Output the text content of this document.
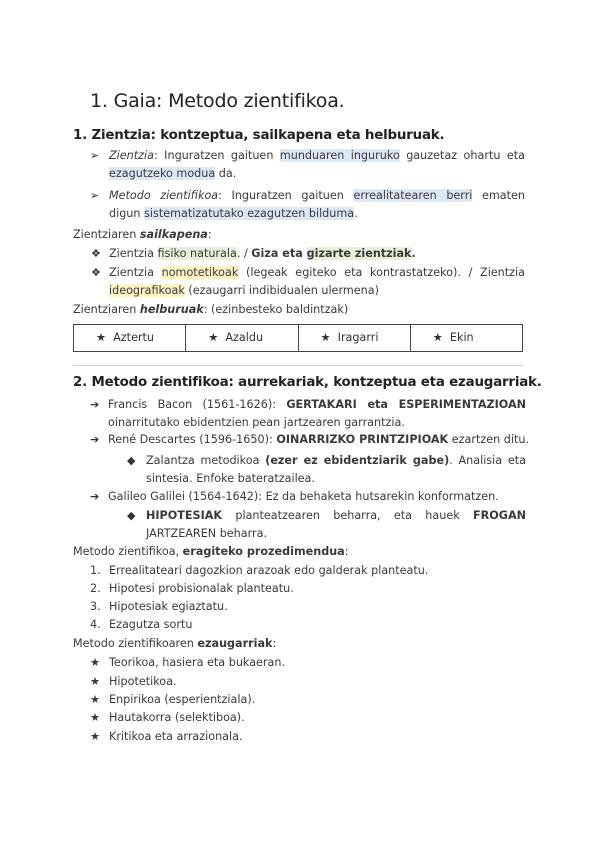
1. Gaia: Metodo zientifikoa.
1. Zientzia: kontzeptua, sailkapena eta helburuak.
➢ Zientzia: Inguratzen gaituen munduaren inguruko gauzetaz ohartu eta
ezagutzeko modua da.
➢ Metodo zientifikoa: Inguratzen gaituen errealitatearen berri ematen
digun sistematizatutako ezagutzen bilduma.
Zientziaren sailkapena:
❖ Zientzia fisiko naturala. / Giza eta gizarte zientziak.
❖ Zientzia nomotetikoak (legeak egiteko eta kontrastatzeko). / Zientzia
ideografikoak (ezaugarri indibidualen ulermena)
Zientziaren helburuak: (ezinbesteko baldintzak)
★ Aztertu	★ Azaldu	★ Iragarri	★ Ekin
2. Metodo zientifikoa: aurrekariak, kontzeptua eta ezaugarriak.
➔ Francis Bacon (1561-1626): GERTAKARI eta ESPERIMENTAZIOAN
oinarritutako ebidentzien pean jartzearen garrantzia.
➔ René Descartes (1596-1650): OINARRIZKO PRINTZIPIOAK ezartzen ditu.
◆ Zalantza metodikoa (ezer ez ebidentziarik gabe). Analisia eta
sintesia. Enfoke bateratzailea.
➔ Galileo Galilei (1564-1642): Ez da behaketa hutsarekin konformatzen.
◆ HIPOTESIAK planteatzearen beharra, eta hauek FROGAN
JARTZEAREN beharra.
Metodo zientifikoa, eragiteko prozedimendua:
1. Errealitateari dagozkion arazoak edo galderak planteatu.
2. Hipotesi probisionalak planteatu.
3. Hipotesiak egiaztatu.
4. Ezagutza sortu
Metodo zientifikoaren ezaugarriak:
★ Teorikoa, hasiera eta bukaeran.
★ Hipotetikoa.
★ Enpirikoa (esperientziala).
★ Hautakorra (selektiboa).
★ Kritikoa eta arrazionala.
